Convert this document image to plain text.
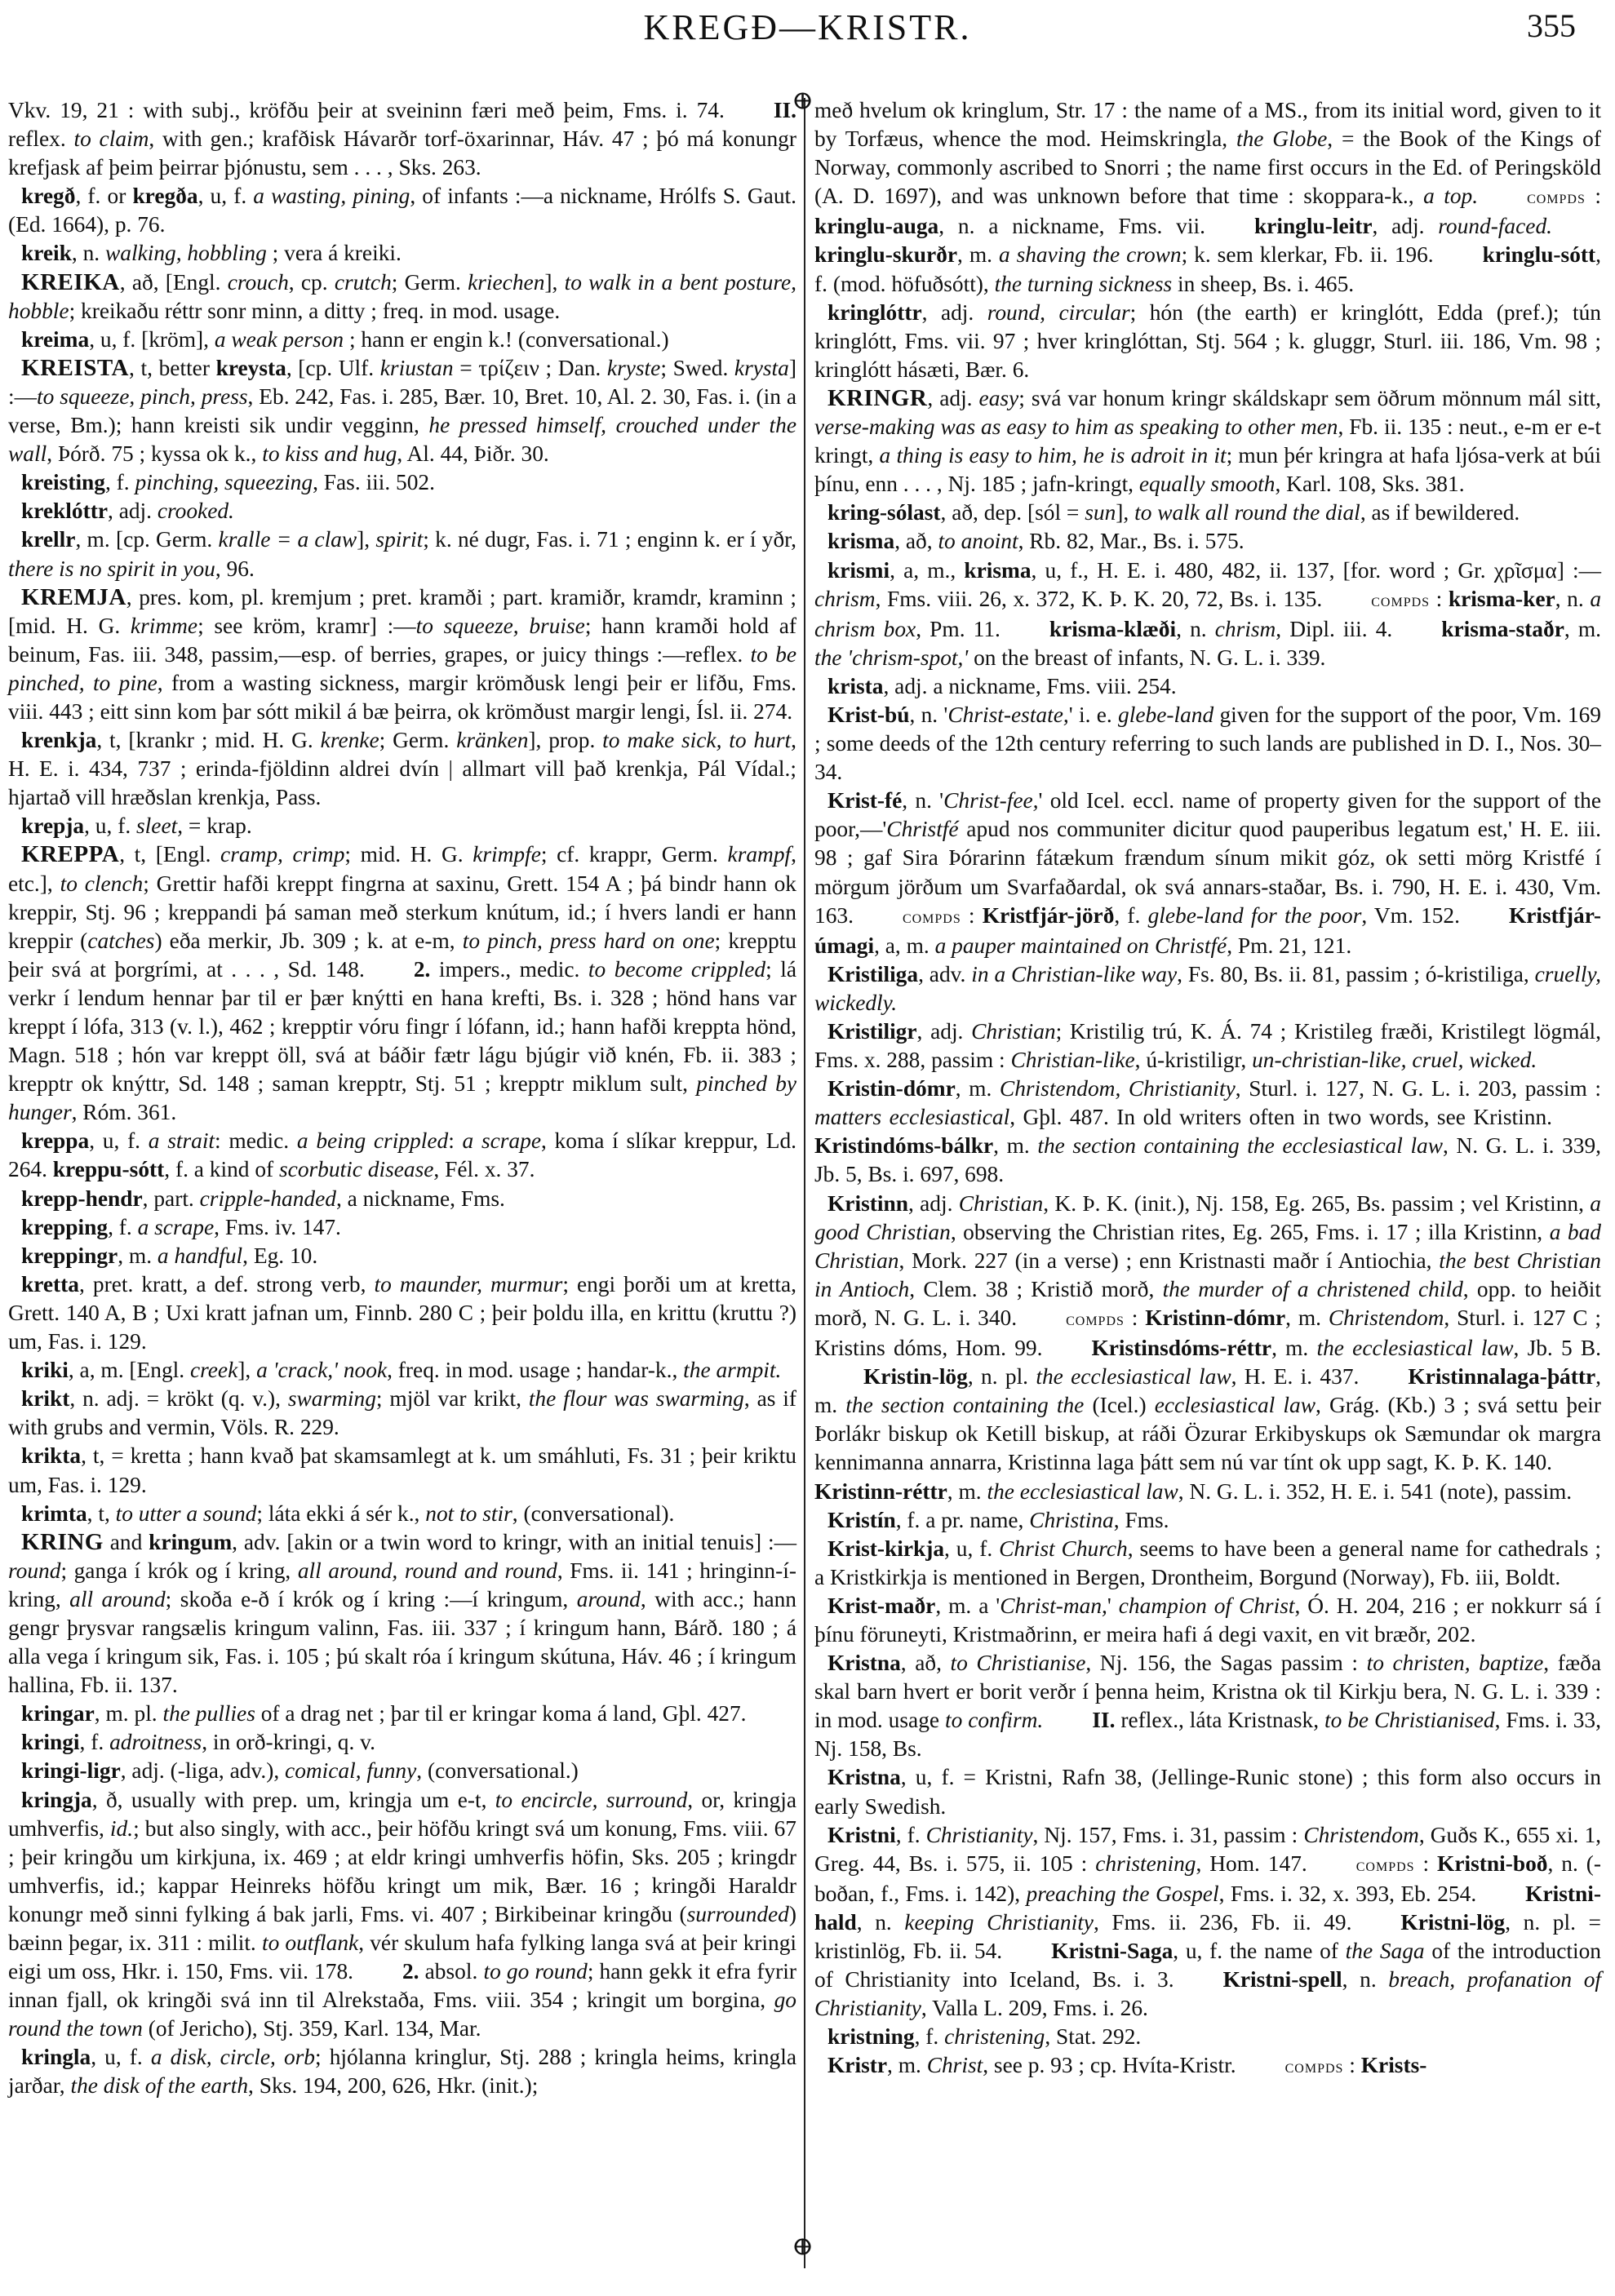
KREGÐ—KRISTR.	355
ⴲ
ⴲ

Vkv. 19, 21 : with subj., kröfðu þeir at sveininn færi með þeim, Fms. i. 74. II. reflex. to claim, with gen.; krafðisk Hávarðr torf-öxarinnar, Háv. 47 ; þó má konungr krefjask af þeim þeirrar þjónustu, sem . . . , Sks. 263.

kregð, f. or kregða, u, f. a wasting, pining, of infants :—a nickname, Hrólfs S. Gaut. (Ed. 1664), p. 76.

kreik, n. walking, hobbling ; vera á kreiki.

KREIKA, að, [Engl. crouch, cp. crutch; Germ. kriechen], to walk in a bent posture, hobble; kreikaðu réttr sonr minn, a ditty ; freq. in mod. usage.

kreima, u, f. [kröm], a weak person ; hann er engin k.! (conversational.)

KREISTA, t, better kreysta, [cp. Ulf. kriustan = τρίζειν ; Dan. kryste; Swed. krysta] :—to squeeze, pinch, press, Eb. 242, Fas. i. 285, Bær. 10, Bret. 10, Al. 2. 30, Fas. i. (in a verse, Bm.); hann kreisti sik undir vegginn, he pressed himself, crouched under the wall, Þórð. 75 ; kyssa ok k., to kiss and hug, Al. 44, Þiðr. 30.

kreisting, f. pinching, squeezing, Fas. iii. 502.

kreklóttr, adj. crooked.

krellr, m. [cp. Germ. kralle = a claw], spirit; k. né dugr, Fas. i. 71 ; enginn k. er í yðr, there is no spirit in you, 96.

KREMJA, pres. kom, pl. kremjum ; pret. kramði ; part. kramiðr, kramdr, kraminn ; [mid. H. G. krimme; see kröm, kramr] :—to squeeze, bruise; hann kramði hold af beinum, Fas. iii. 348, passim,—esp. of berries, grapes, or juicy things :—reflex. to be pinched, to pine, from a wasting sickness, margir krömðusk lengi þeir er lifðu, Fms. viii. 443 ; eitt sinn kom þar sótt mikil á bæ þeirra, ok krömðust margir lengi, Ísl. ii. 274.

krenkja, t, [krankr ; mid. H. G. krenke; Germ. kränken], prop. to make sick, to hurt, H. E. i. 434, 737 ; erinda-fjöldinn aldrei dvín | allmart vill það krenkja, Pál Vídal.; hjartað vill hræðslan krenkja, Pass.

krepja, u, f. sleet, = krap.

KREPPA, t, [Engl. cramp, crimp; mid. H. G. krimpfe; cf. krappr, Germ. krampf, etc.], to clench; Grettir hafði kreppt fingrna at saxinu, Grett. 154 A ; þá bindr hann ok kreppir, Stj. 96 ; kreppandi þá saman með sterkum knútum, id.; í hvers landi er hann kreppir (catches) eða merkir, Jb. 309 ; k. at e-m, to pinch, press hard on one; krepptu þeir svá at þorgrími, at . . . , Sd. 148. 2. impers., medic. to become crippled; lá verkr í lendum hennar þar til er þær knýtti en hana krefti, Bs. i. 328 ; hönd hans var kreppt í lófa, 313 (v. l.), 462 ; krepptir vóru fingr í lófann, id.; hann hafði kreppta hönd, Magn. 518 ; hón var kreppt öll, svá at báðir fætr lágu bjúgir við knén, Fb. ii. 383 ; krepptr ok knýttr, Sd. 148 ; saman krepptr, Stj. 51 ; krepptr miklum sult, pinched by hunger, Róm. 361.

kreppa, u, f. a strait: medic. a being crippled: a scrape, koma í slíkar kreppur, Ld. 264. kreppu-sótt, f. a kind of scorbutic disease, Fél. x. 37.

krepp-hendr, part. cripple-handed, a nickname, Fms.

krepping, f. a scrape, Fms. iv. 147.

kreppingr, m. a handful, Eg. 10.

kretta, pret. kratt, a def. strong verb, to maunder, murmur; engi þorði um at kretta, Grett. 140 A, B ; Uxi kratt jafnan um, Finnb. 280 C ; þeir þoldu illa, en krittu (kruttu ?) um, Fas. i. 129.

kriki, a, m. [Engl. creek], a 'crack,' nook, freq. in mod. usage ; handar-k., the armpit.

krikt, n. adj. = krökt (q. v.), swarming; mjöl var krikt, the flour was swarming, as if with grubs and vermin, Völs. R. 229.

krikta, t, = kretta ; hann kvað þat skamsamlegt at k. um smáhluti, Fs. 31 ; þeir kriktu um, Fas. i. 129.

krimta, t, to utter a sound; láta ekki á sér k., not to stir, (conversational).

KRING and kringum, adv. [akin or a twin word to kringr, with an initial tenuis] :—round; ganga í krók og í kring, all around, round and round, Fms. ii. 141 ; hringinn-í-kring, all around; skoða e-ð í krók og í kring :—í kringum, around, with acc.; hann gengr þrysvar rangsælis kringum valinn, Fas. iii. 337 ; í kringum hann, Bárð. 180 ; á alla vega í kringum sik, Fas. i. 105 ; þú skalt róa í kringum skútuna, Háv. 46 ; í kringum hallina, Fb. ii. 137.

kringar, m. pl. the pullies of a drag net ; þar til er kringar koma á land, Gþl. 427.

kringi, f. adroitness, in orð-kringi, q. v.

kringi-ligr, adj. (-liga, adv.), comical, funny, (conversational.)

kringja, ð, usually with prep. um, kringja um e-t, to encircle, surround, or, kringja umhverfis, id.; but also singly, with acc., þeir höfðu kringt svá um konung, Fms. viii. 67 ; þeir kringðu um kirkjuna, ix. 469 ; at eldr kringi umhverfis höfin, Sks. 205 ; kringdr umhverfis, id.; kappar Heinreks höfðu kringt um mik, Bær. 16 ; kringði Haraldr konungr með sinni fylking á bak jarli, Fms. vi. 407 ; Birkibeinar kringðu (surrounded) bæinn þegar, ix. 311 : milit. to outflank, vér skulum hafa fylking langa svá at þeir kringi eigi um oss, Hkr. i. 150, Fms. vii. 178. 2. absol. to go round; hann gekk it efra fyrir innan fjall, ok kringði svá inn til Alrekstaða, Fms. viii. 354 ; kringit um borgina, go round the town (of Jericho), Stj. 359, Karl. 134, Mar.

kringla, u, f. a disk, circle, orb; hjólanna kringlur, Stj. 288 ; kringla heims, kringla jarðar, the disk of the earth, Sks. 194, 200, 626, Hkr. (init.);

með hvelum ok kringlum, Str. 17 : the name of a MS., from its initial word, given to it by Torfæus, whence the mod. Heimskringla, the Globe, = the Book of the Kings of Norway, commonly ascribed to Snorri ; the name first occurs in the Ed. of Peringsköld (A. D. 1697), and was unknown before that time : skoppara-k., a top.	compds : kringlu-auga, n. a nickname, Fms. vii. kringlu-leitr, adj. round-faced.kringlu-skurðr, m. a shaving the crown; k. sem klerkar, Fb. ii. 196. kringlu-sótt, f. (mod. höfuðsótt), the turning sickness in sheep, Bs. i. 465.

kringlóttr, adj. round, circular; hón (the earth) er kringlótt, Edda (pref.); tún kringlótt, Fms. vii. 97 ; hver kringlóttan, Stj. 564 ; k. gluggr, Sturl. iii. 186, Vm. 98 ; kringlótt hásæti, Bær. 6.

KRINGR, adj. easy; svá var honum kringr skáldskapr sem öðrum mönnum mál sitt, verse-making was as easy to him as speaking to other men, Fb. ii. 135 : neut., e-m er e-t kringt, a thing is easy to him, he is adroit in it; mun þér kringra at hafa ljósa-verk at búi þínu, enn . . . , Nj. 185 ; jafn-kringt, equally smooth, Karl. 108, Sks. 381.

kring-sólast, að, dep. [sól = sun], to walk all round the dial, as if bewildered.

krisma, að, to anoint, Rb. 82, Mar., Bs. i. 575.

krismi, a, m., krisma, u, f., H. E. i. 480, 482, ii. 137, [for. word ; Gr. χρῖσμα] :—chrism, Fms. viii. 26, x. 372, K. Þ. K. 20, 72, Bs. i. 135.	compds : krisma-ker, n. a chrism box, Pm. 11. krisma-klæði, n. chrism, Dipl. iii. 4. krisma-staðr, m. the 'chrism-spot,' on the breast of infants, N. G. L. i. 339.

krista, adj. a nickname, Fms. viii. 254.

Krist-bú, n. 'Christ-estate,' i. e. glebe-land given for the support of the poor, Vm. 169 ; some deeds of the 12th century referring to such lands are published in D. I., Nos. 30–34.

Krist-fé, n. 'Christ-fee,' old Icel. eccl. name of property given for the support of the poor,—'Christfé apud nos communiter dicitur quod pauperibus legatum est,' H. E. iii. 98 ; gaf Sira Þórarinn fátækum frændum sínum mikit góz, ok setti mörg Kristfé í mörgum jörðum um Svarfaðardal, ok svá annars-staðar, Bs. i. 790, H. E. i. 430, Vm. 163.	compds : Kristfjár-jörð, f. glebe-land for the poor, Vm. 152. Kristfjár-úmagi, a, m. a pauper maintained on Christfé, Pm. 21, 121.

Kristiliga, adv. in a Christian-like way, Fs. 80, Bs. ii. 81, passim ; ó-kristiliga, cruelly, wickedly.

Kristiligr, adj. Christian; Kristilig trú, K. Á. 74 ; Kristileg fræði, Kristilegt lögmál, Fms. x. 288, passim : Christian-like, ú-kristiligr, un-christian-like, cruel, wicked.

Kristin-dómr, m. Christendom, Christianity, Sturl. i. 127, N. G. L. i. 203, passim : matters ecclesiastical, Gþl. 487. In old writers often in two words, see Kristinn.Kristindóms-bálkr, m. the section containing the ecclesiastical law, N. G. L. i. 339, Jb. 5, Bs. i. 697, 698.

Kristinn, adj. Christian, K. Þ. K. (init.), Nj. 158, Eg. 265, Bs. passim ; vel Kristinn, a good Christian, observing the Christian rites, Eg. 265, Fms. i. 17 ; illa Kristinn, a bad Christian, Mork. 227 (in a verse) ; enn Kristnasti maðr í Antiochia, the best Christian in Antioch, Clem. 38 ; Kristið morð, the murder of a christened child, opp. to heiðit morð, N. G. L. i. 340.	compds : Kristinn-dómr, m. Christendom, Sturl. i. 127 C ; Kristins dóms, Hom. 99. Kristinsdóms-réttr, m. the ecclesiastical law, Jb. 5 B.Kristin-lög, n. pl. the ecclesiastical law, H. E. i. 437. Kristinnalaga-þáttr, m. the section containing the (Icel.) ecclesiastical law, Grág. (Kb.) 3 ; svá settu þeir Þorlákr biskup ok Ketill biskup, at ráði Özurar Erkibyskups ok Sæmundar ok margra kennimanna annarra, Kristinna laga þátt sem nú var tínt ok upp sagt, K. Þ. K. 140.Kristinn-réttr, m. the ecclesiastical law, N. G. L. i. 352, H. E. i. 541 (note), passim.

Kristín, f. a pr. name, Christina, Fms.

Krist-kirkja, u, f. Christ Church, seems to have been a general name for cathedrals ; a Kristkirkja is mentioned in Bergen, Drontheim, Borgund (Norway), Fb. iii, Boldt.

Krist-maðr, m. a 'Christ-man,' champion of Christ, Ó. H. 204, 216 ; er nokkurr sá í þínu föruneyti, Kristmaðrinn, er meira hafi á degi vaxit, en vit bræðr, 202.

Kristna, að, to Christianise, Nj. 156, the Sagas passim : to christen, baptize, fæða skal barn hvert er borit verðr í þenna heim, Kristna ok til Kirkju bera, N. G. L. i. 339 : in mod. usage to confirm. II. reflex., láta Kristnask, to be Christianised, Fms. i. 33, Nj. 158, Bs.

Kristna, u, f. = Kristni, Rafn 38, (Jellinge-Runic stone) ; this form also occurs in early Swedish.

Kristni, f. Christianity, Nj. 157, Fms. i. 31, passim : Christendom, Guðs K., 655 xi. 1, Greg. 44, Bs. i. 575, ii. 105 : christening, Hom. 147.	compds : Kristni-boð, n. (-boðan, f., Fms. i. 142), preaching the Gospel, Fms. i. 32, x. 393, Eb. 254. Kristni-hald, n. keeping Christianity, Fms. ii. 236, Fb. ii. 49. Kristni-lög, n. pl. = kristinlög, Fb. ii. 54. Kristni-Saga, u, f. the name of the Saga of the introduction of Christianity into Iceland, Bs. i. 3. Kristni-spell, n. breach, profanation of Christianity, Valla L. 209, Fms. i. 26.

kristning, f. christening, Stat. 292.

Kristr, m. Christ, see p. 93 ; cp. Hvíta-Kristr.	compds : Krists-
